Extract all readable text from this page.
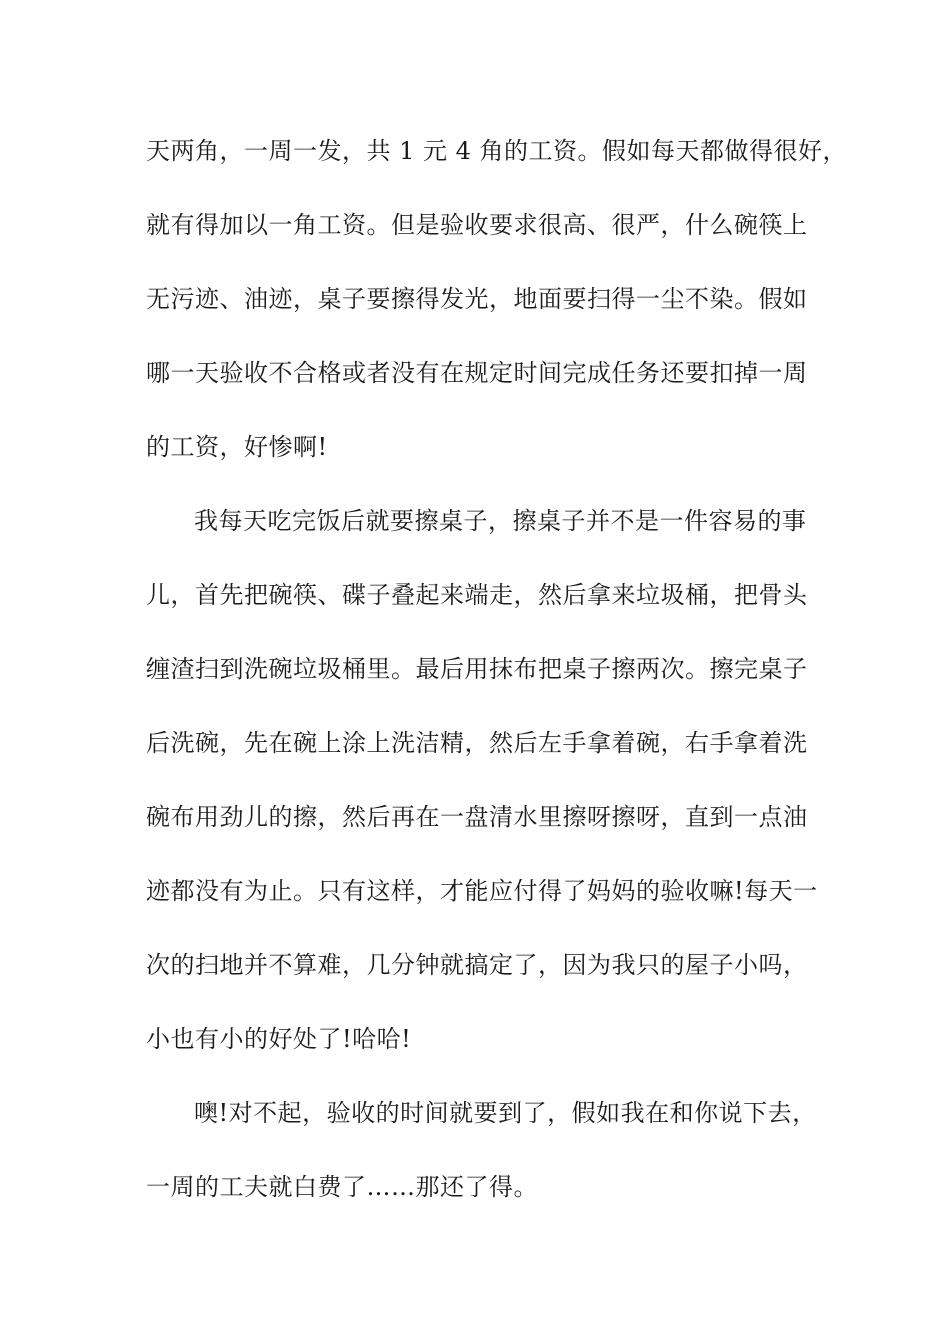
天两角，一周一发，共 1 元 4 角的工资。假如每天都做得很好，
就有得加以一角工资。但是验收要求很高、很严，什么碗筷上
无污迹、油迹，桌子要擦得发光，地面要扫得一尘不染。假如
哪一天验收不合格或者没有在规定时间完成任务还要扣掉一周
的工资，好惨啊!
我每天吃完饭后就要擦桌子，擦桌子并不是一件容易的事
儿，首先把碗筷、碟子叠起来端走，然后拿来垃圾桶，把骨头
缠渣扫到洗碗垃圾桶里。最后用抹布把桌子擦两次。擦完桌子
后洗碗，先在碗上涂上洗洁精，然后左手拿着碗，右手拿着洗
碗布用劲儿的擦，然后再在一盘清水里擦呀擦呀，直到一点油
迹都没有为止。只有这样，才能应付得了妈妈的验收嘛!每天一
次的扫地并不算难，几分钟就搞定了，因为我只的屋子小吗，
小也有小的好处了!哈哈!
噢!对不起，验收的时间就要到了，假如我在和你说下去，
一周的工夫就白费了……那还了得。
